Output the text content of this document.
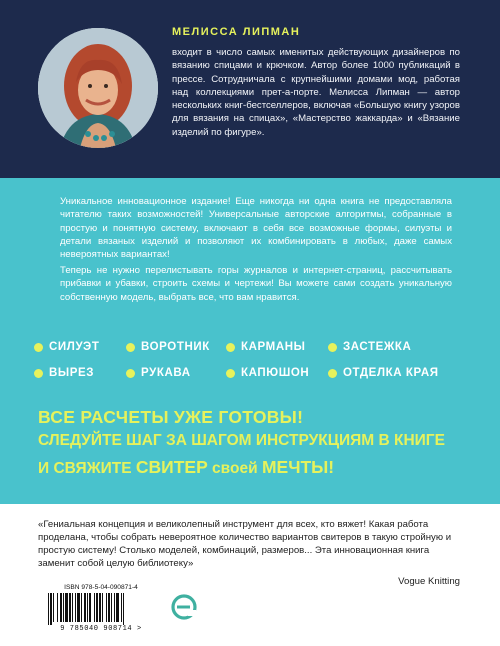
МЕЛИССА ЛИПМАН
входит в число самых именитых действующих дизайнеров по вязанию спицами и крючком. Автор более 1000 публикаций в прессе. Сотрудничала с крупнейшими домами мод, работая над коллекциями прет-а-порте. Мелисса Липман — автор нескольких книг-бестселлеров, включая «Большую книгу узоров для вязания на спицах», «Мастерство жаккарда» и «Вязание изделий по фигуре».

Уникальное инновационное издание! Еще никогда ни одна книга не предоставляла читателю таких возможностей! Универсальные авторские алгоритмы, собранные в простую и понятную систему, включают в себя все возможные формы, силуэты и детали вязаных изделий и позволяют их комбинировать в любых, даже самых невероятных вариантах!

Теперь не нужно перелистывать горы журналов и интернет-страниц, рассчитывать прибавки и убавки, строить схемы и чертежи! Вы можете сами создать уникальную собственную модель, выбрать все, что вам нравится.

СИЛУЭТ	ВОРОТНИК	КАРМАНЫ	ЗАСТЕЖКА
ВЫРЕЗ	РУКАВА	КАПЮШОН	ОТДЕЛКА КРАЯ
ВСЕ РАСЧЕТЫ УЖЕ ГОТОВЫ!
СЛЕДУЙТЕ ШАГ ЗА ШАГОМ ИНСТРУКЦИЯМ В КНИГЕ
И СВЯЖИТЕ СВИТЕР своей МЕЧТЫ!

«Гениальная концепция и великолепный инструмент для всех, кто вяжет! Какая работа проделана, чтобы собрать невероятное количество вариантов свитеров в такую стройную и простую систему! Столько моделей, комбинаций, размеров... Эта инновационная книга заменит собой целую библиотеку»

Vogue Knitting
ISBN 978-5-04-090871-4
9 785040 908714 >
